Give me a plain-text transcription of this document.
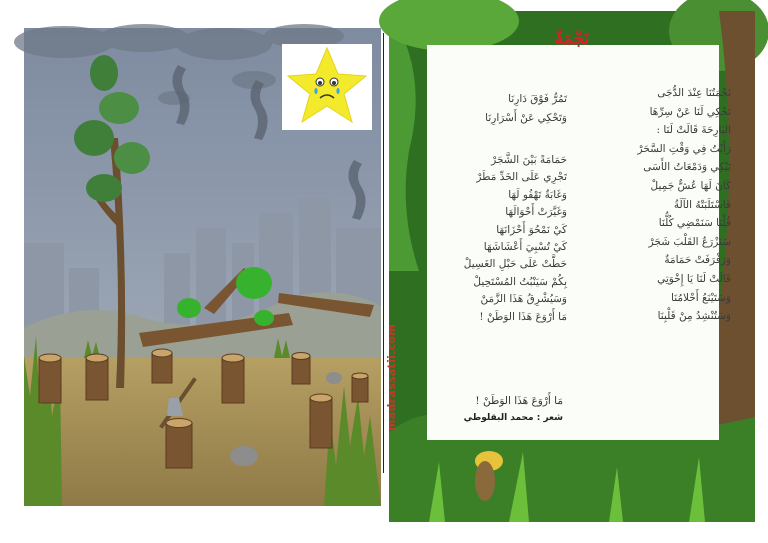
نَجْمَةٌ
نَجْمَتُنَا عِنْدَ الدُّجَى
تَحْكِي لَنَا عَنْ سِرِّهَا
البَارِحَةَ قَالَتْ لَنَا :
رَأَيْتُ فِي وَقْتِ السَّحَرْ
تَبْكِي وَدَمْعَاتُ الأَسَى
كَانَ لَهَا عُشٌّ جَمِيلْ
فَاسْتَلَبَتْهُ الآلَةُ
قُلْنَا سَنَمْضِي كُلُّنَا
سَنَزْرَعُ القَلْبَ شَجَرْ
وَرَفْرَفَتْ حَمَامَةٌ
قَالَتْ لَنَا يَا إِخْوَتِي
وَسَتَيْنَعُ أَحْلامُنَا
وَسَتُنْشِدُ مِنْ قَلْبِنَا
تَمُرُّ فَوْقَ دَارِنَا
وَتَحْكِي عَنْ أَسْرَارِنَا
حَمَامَةً بَيْنَ الشَّجَرْ
تَجْرِي عَلَى الخَدِّ مَطَرْ
وَغَابَةٌ تَهْفُو لَهَا
وَغَيَّرَتْ أَحْوَالَهَا
كَيْ نَمْحُوَ أَحْزَانَهَا
كَيْ تُسْبِيَ أَعْشَاشَهَا
حَطَّتْ عَلَى حَبْلِ الغَسِيلْ
بِكُمْ سَيَنْبُتُ المُسْتَحِيلْ
وَسَيُشْرِقُ هَذَا الزَّمَنْ
مَا أَرْوَعَ هَذَا الوَطَنْ !
مَا أَرْوَعَ هَذَا الوَطَنْ !
شعر : محمد البقلوطي
madrassatii.com
